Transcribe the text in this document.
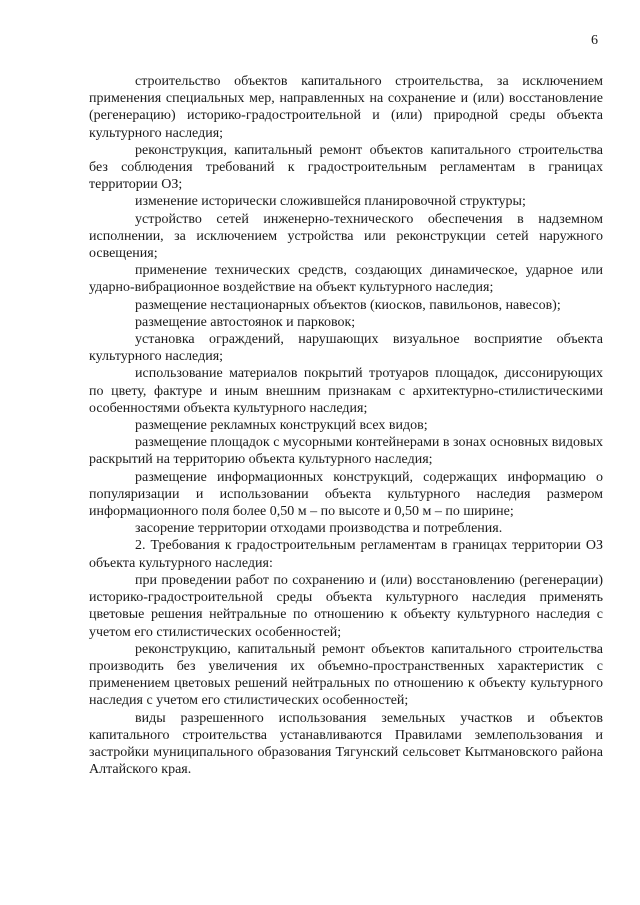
6

строительство объектов капитального строительства, за исключением применения специальных мер, направленных на сохранение и (или) восстановление (регенерацию) историко-градостроительной и (или) природной среды объекта культурного наследия;

реконструкция, капитальный ремонт объектов капитального строительства без соблюдения требований к градостроительным регламентам в границах территории ОЗ;

изменение исторически сложившейся планировочной структуры;

устройство сетей инженерно-технического обеспечения в надземном исполнении, за исключением устройства или реконструкции сетей наружного освещения;

применение технических средств, создающих динамическое, ударное или ударно-вибрационное воздействие на объект культурного наследия;

размещение нестационарных объектов (киосков, павильонов, навесов);

размещение автостоянок и парковок;

установка ограждений, нарушающих визуальное восприятие объекта культурного наследия;

использование материалов покрытий тротуаров площадок, диссонирующих по цвету, фактуре и иным внешним признакам с архитектурно-стилистическими особенностями объекта культурного наследия;

размещение рекламных конструкций всех видов;

размещение площадок с мусорными контейнерами в зонах основных видовых раскрытий на территорию объекта культурного наследия;

размещение информационных конструкций, содержащих информацию о популяризации и использовании объекта культурного наследия размером информационного поля более 0,50 м – по высоте и 0,50 м – по ширине;

засорение территории отходами производства и потребления.

2. Требования к градостроительным регламентам в границах территории ОЗ объекта культурного наследия:

при проведении работ по сохранению и (или) восстановлению (регенерации) историко-градостроительной среды объекта культурного наследия применять цветовые решения нейтральные по отношению к объекту культурного наследия с учетом его стилистических особенностей;

реконструкцию, капитальный ремонт объектов капитального строительства производить без увеличения их объемно-пространственных характеристик с применением цветовых решений нейтральных по отношению к объекту культурного наследия с учетом его стилистических особенностей;

виды разрешенного использования земельных участков и объектов капитального строительства устанавливаются Правилами землепользования и застройки муниципального образования Тягунский сельсовет Кытмановского района Алтайского края.
